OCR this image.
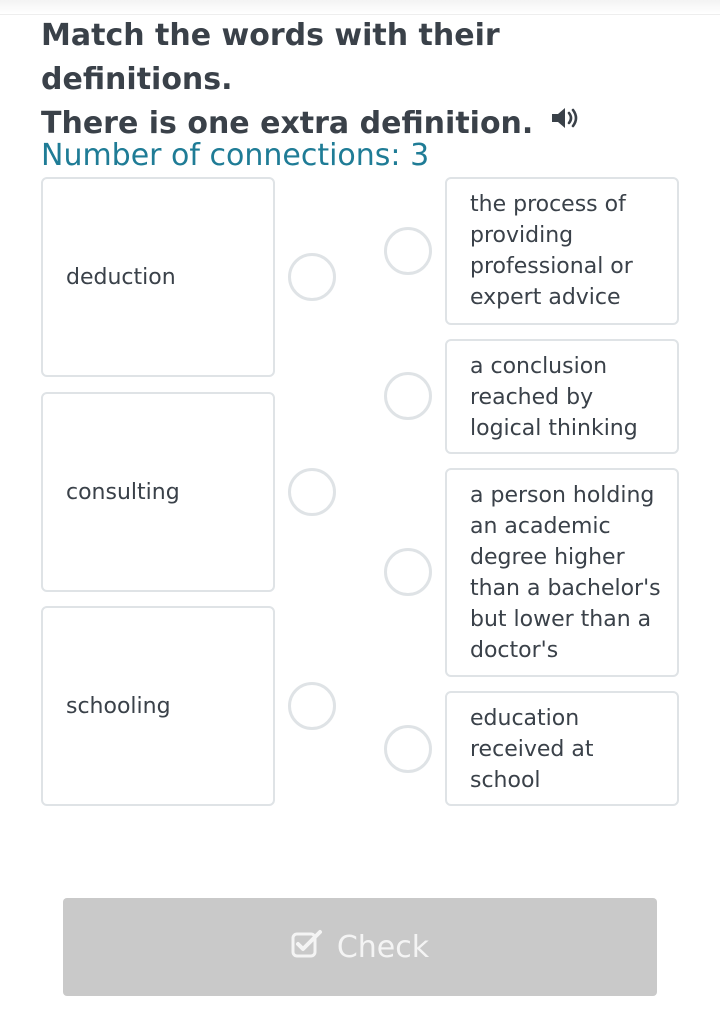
Match the words with their definitions.
There is one extra definition.
Number of connections: 3
deduction
consulting
schooling
the process of providing professional or expert advice
a conclusion reached by logical thinking
a person holding an academic degree higher than a bachelor's but lower than a doctor's
education received at school
Check
